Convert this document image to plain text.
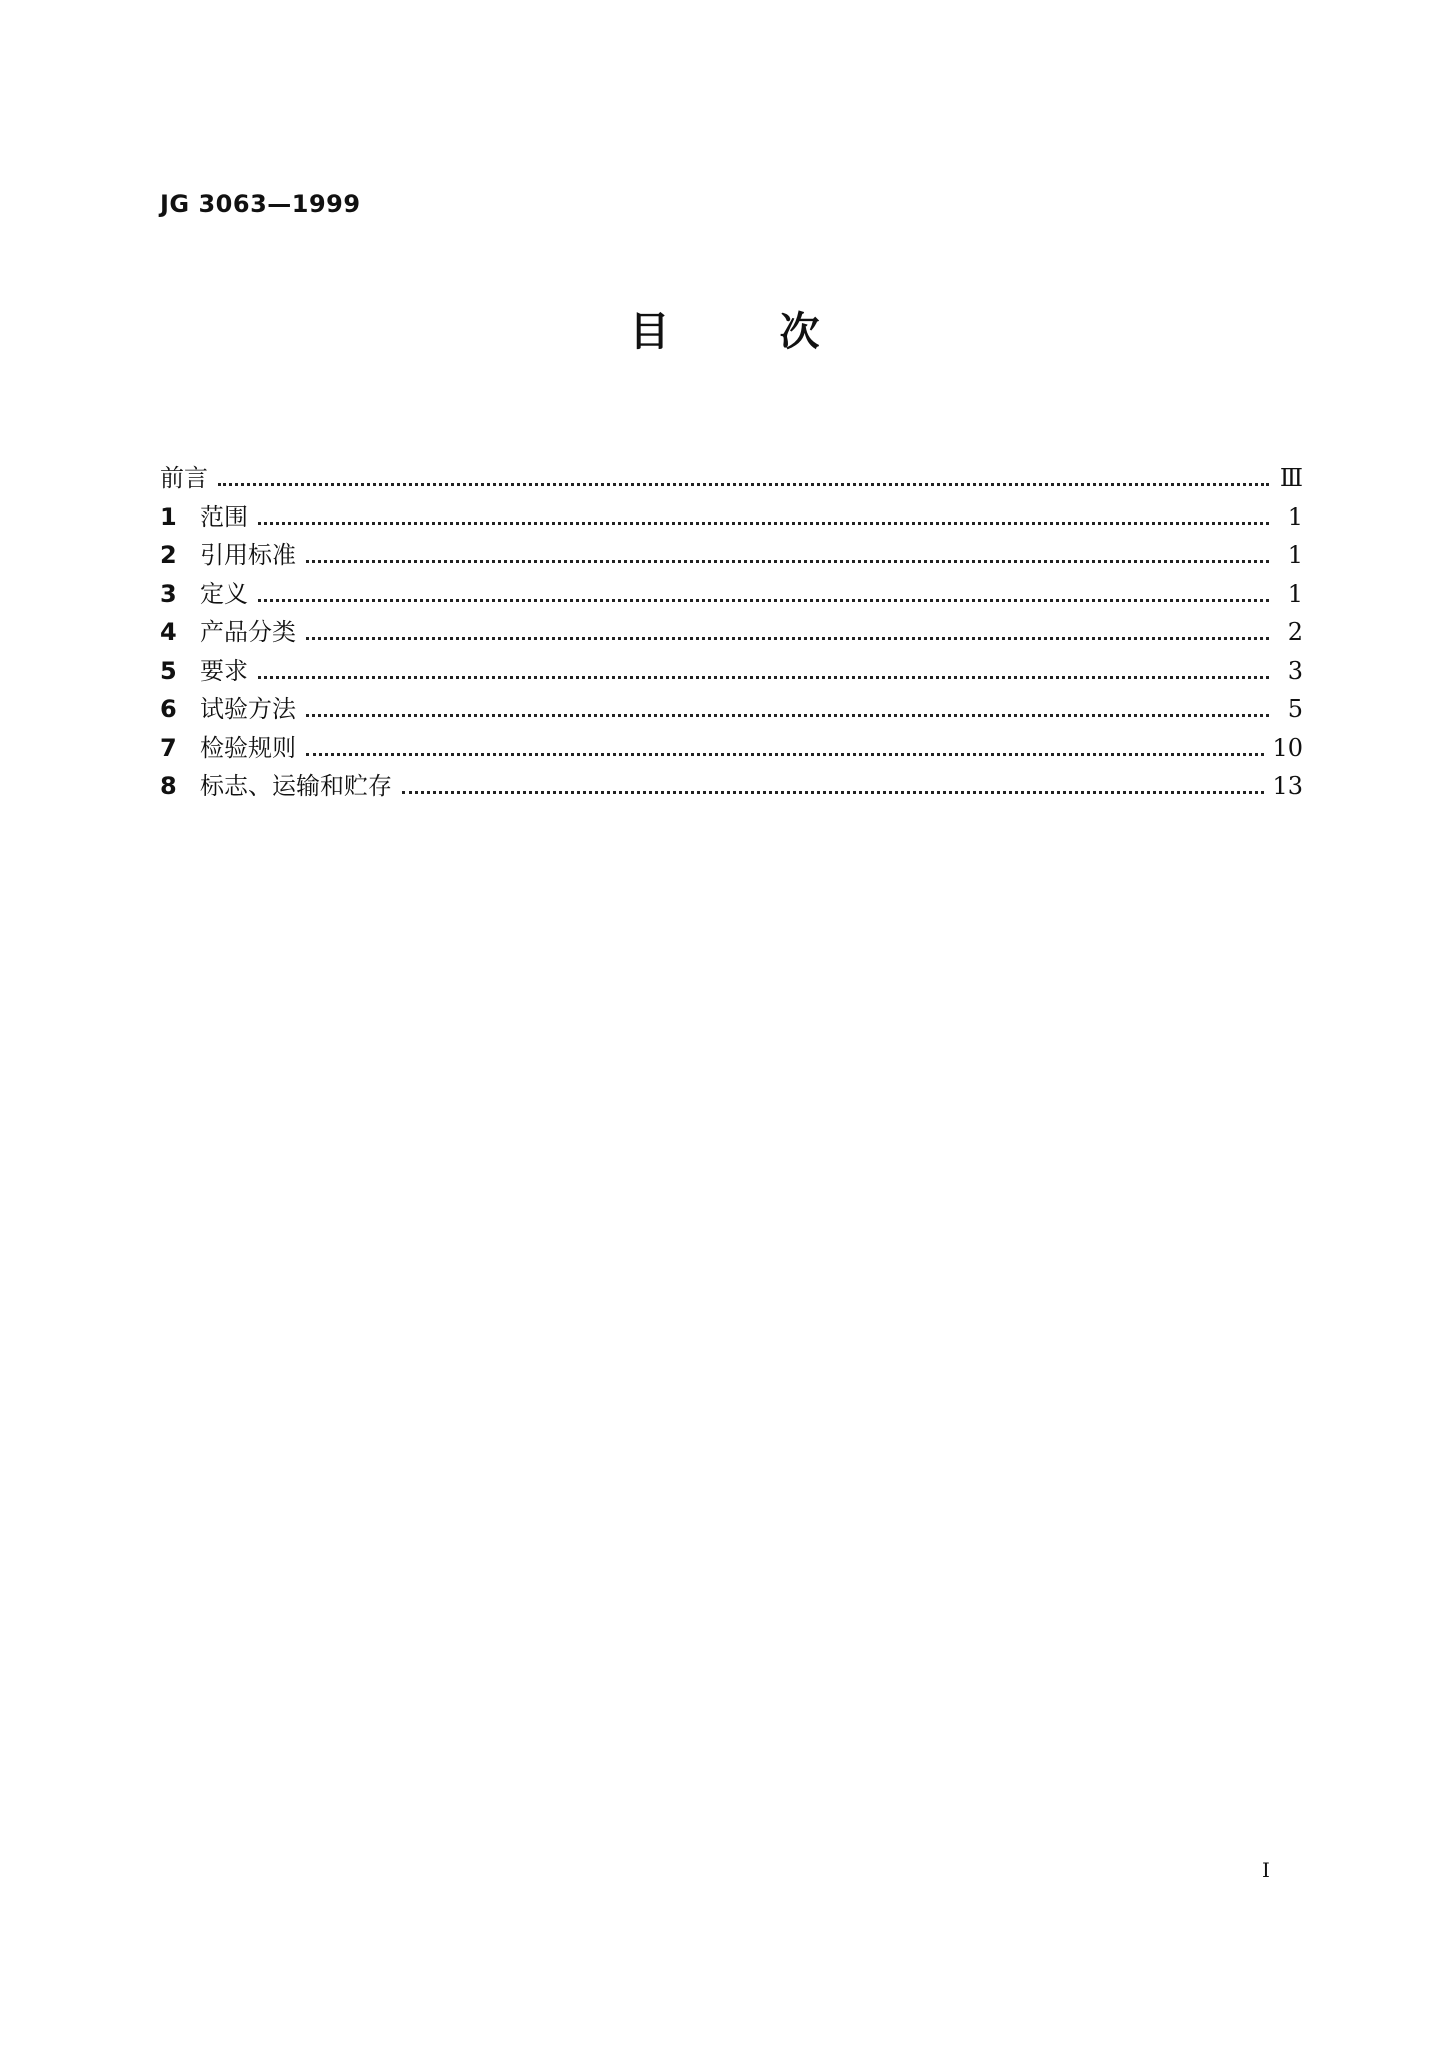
JG 3063—1999
目次
前言	Ⅲ
1 范围	1
2 引用标准	1
3 定义	1
4 产品分类	2
5 要求	3
6 试验方法	5
7 检验规则	10
8 标志、运输和贮存	13
I
